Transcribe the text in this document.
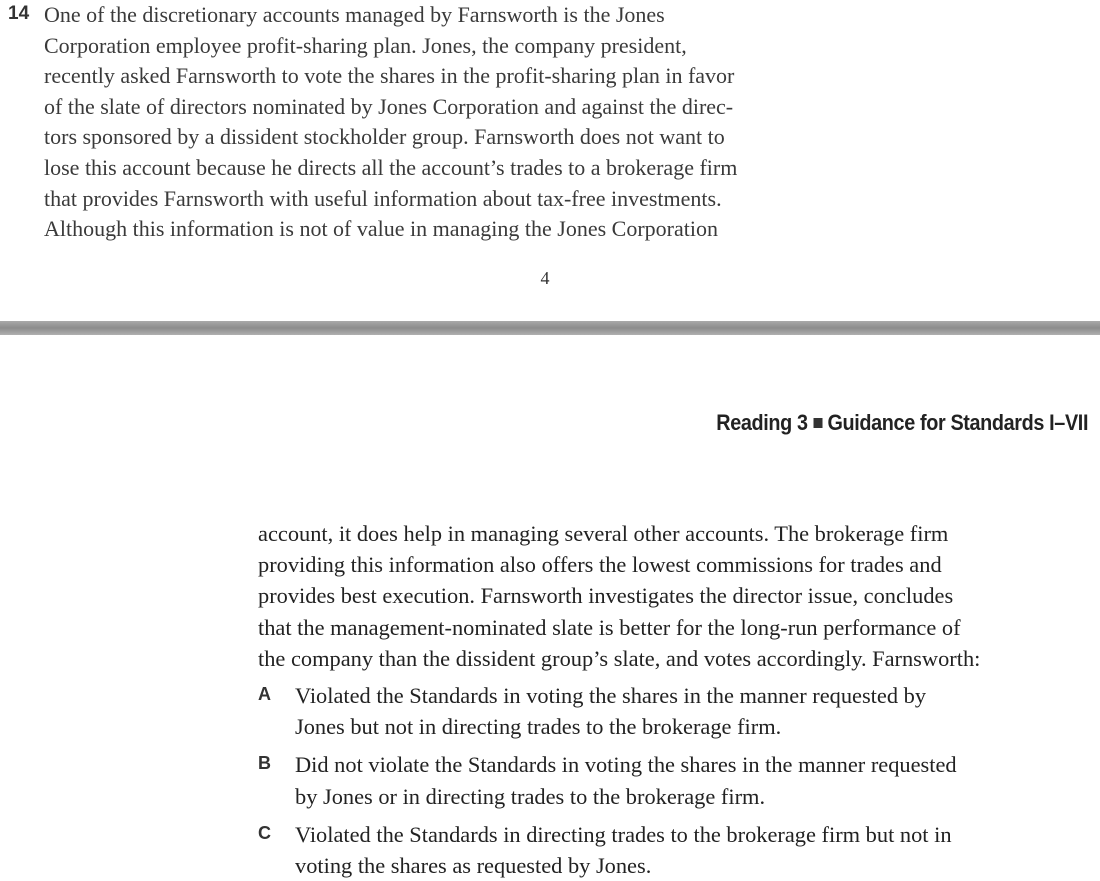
14 One of the discretionary accounts managed by Farnsworth is the Jones
Corporation employee profit-sharing plan. Jones, the company president,
recently asked Farnsworth to vote the shares in the profit-sharing plan in favor
of the slate of directors nominated by Jones Corporation and against the direc-
tors sponsored by a dissident stockholder group. Farnsworth does not want to
lose this account because he directs all the account’s trades to a brokerage firm
that provides Farnsworth with useful information about tax-free investments.
Although this information is not of value in managing the Jones Corporation

4
Reading 3 Guidance for Standards I–VII

account, it does help in managing several other accounts. The brokerage firm
providing this information also offers the lowest commissions for trades and
provides best execution. Farnsworth investigates the director issue, concludes
that the management-nominated slate is better for the long-run performance of
the company than the dissident group’s slate, and votes accordingly. Farnsworth:

A Violated the Standards in voting the shares in the manner requested by
Jones but not in directing trades to the brokerage firm.
B Did not violate the Standards in voting the shares in the manner requested
by Jones or in directing trades to the brokerage firm.
C Violated the Standards in directing trades to the brokerage firm but not in
voting the shares as requested by Jones.
